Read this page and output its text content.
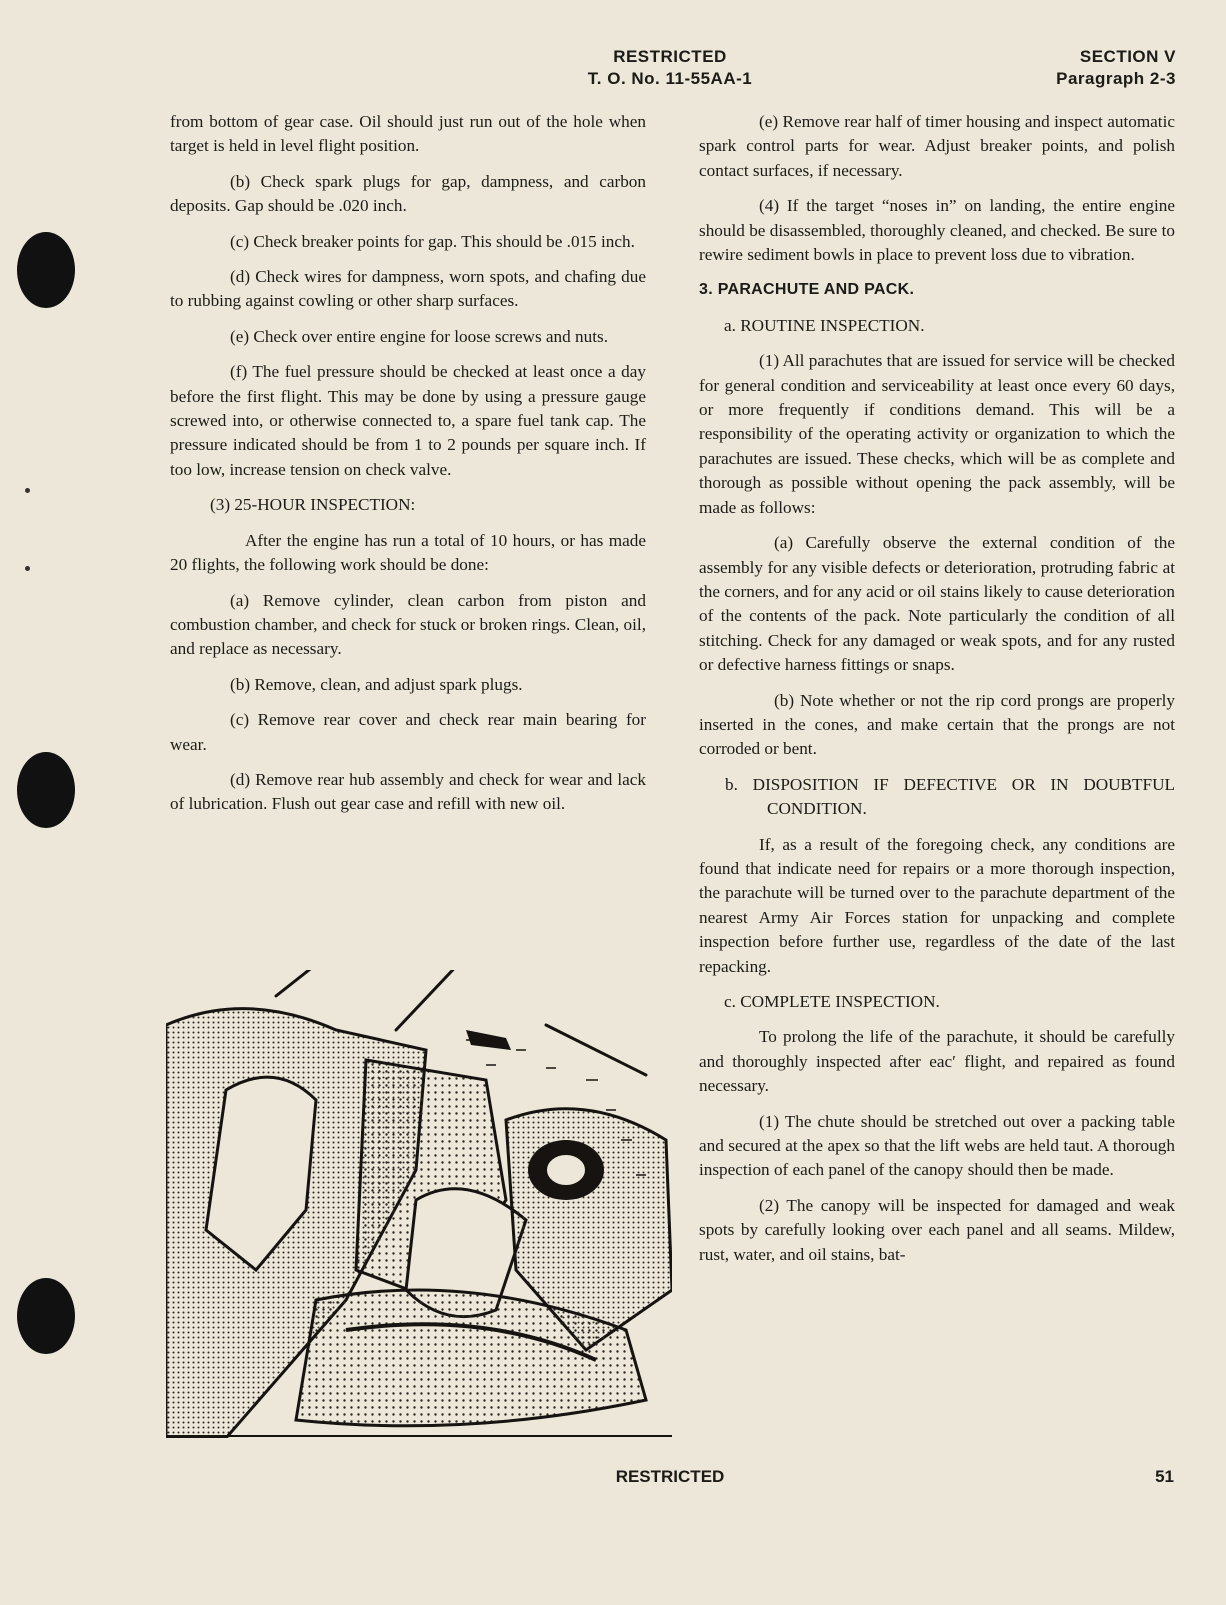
RESTRICTED
T. O. No. 11-55AA-1
SECTION V
Paragraph 2-3

from bottom of gear case. Oil should just run out of the hole when target is held in level flight position.

(b) Check spark plugs for gap, dampness, and carbon deposits. Gap should be .020 inch.

(c) Check breaker points for gap. This should be .015 inch.

(d) Check wires for dampness, worn spots, and chafing due to rubbing against cowling or other sharp surfaces.

(e) Check over entire engine for loose screws and nuts.

(f) The fuel pressure should be checked at least once a day before the first flight. This may be done by using a pressure gauge screwed into, or otherwise connected to, a spare fuel tank cap. The pressure indicated should be from 1 to 2 pounds per square inch. If too low, increase tension on check valve.

(3) 25-HOUR INSPECTION:

After the engine has run a total of 10 hours, or has made 20 flights, the following work should be done:

(a) Remove cylinder, clean carbon from piston and combustion chamber, and check for stuck or broken rings. Clean, oil, and replace as necessary.

(b) Remove, clean, and adjust spark plugs.

(c) Remove rear cover and check rear main bearing for wear.

(d) Remove rear hub assembly and check for wear and lack of lubrication. Flush out gear case and refill with new oil.

(e) Remove rear half of timer housing and inspect automatic spark control parts for wear. Adjust breaker points, and polish contact surfaces, if necessary.

(4) If the target “noses in” on landing, the entire engine should be disassembled, thoroughly cleaned, and checked. Be sure to rewire sediment bowls in place to prevent loss due to vibration.

3. PARACHUTE AND PACK.

a. ROUTINE INSPECTION.

(1) All parachutes that are issued for service will be checked for general condition and serviceability at least once every 60 days, or more frequently if conditions demand. This will be a responsibility of the operating activity or organization to which the parachutes are issued. These checks, which will be as complete and thorough as possible without opening the pack assembly, will be made as follows:

(a) Carefully observe the external condition of the assembly for any visible defects or deterioration, protruding fabric at the corners, and for any acid or oil stains likely to cause deterioration of the contents of the pack. Note particularly the condition of all stitching. Check for any damaged or weak spots, and for any rusted or defective harness fittings or snaps.

(b) Note whether or not the rip cord prongs are properly inserted in the cones, and make certain that the prongs are not corroded or bent.

b. DISPOSITION IF DEFECTIVE OR IN DOUBTFUL CONDITION.

If, as a result of the foregoing check, any conditions are found that indicate need for repairs or a more thorough inspection, the parachute will be turned over to the parachute department of the nearest Army Air Forces station for unpacking and complete inspection before further use, regardless of the date of the last repacking.

c. COMPLETE INSPECTION.

To prolong the life of the parachute, it should be carefully and thoroughly inspected after eacʹ flight, and repaired as found necessary.

(1) The chute should be stretched out over a packing table and secured at the apex so that the lift webs are held taut. A thorough inspection of each panel of the canopy should then be made.

(2) The canopy will be inspected for damaged and weak spots by carefully looking over each panel and all seams. Mildew, rust, water, and oil stains, bat-

RESTRICTED	51
